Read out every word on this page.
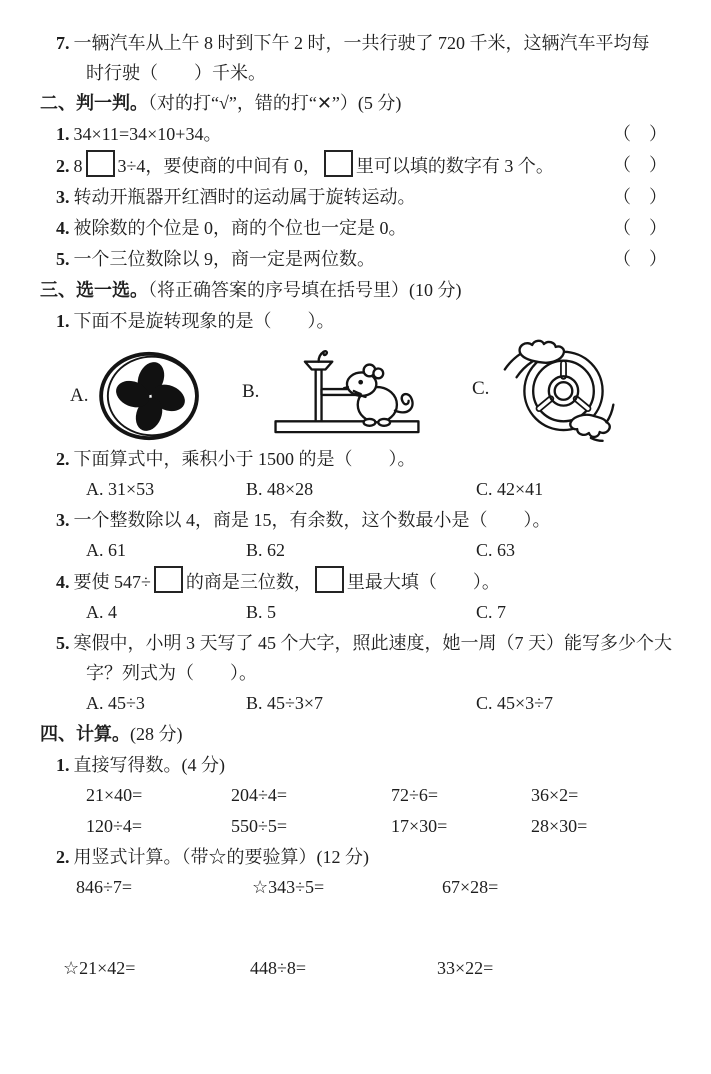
7. 一辆汽车从上午 8 时到下午 2 时，一共行驶了 720 千米，这辆汽车平均每
时行驶（　　）千米。
二、判一判。（对的打“√”，错的打“✕”）(5 分)
1. 34×11=34×10+34。	（　）
2. 8 3÷4，要使商的中间有 0， 里可以填的数字有 3 个。	（　）
3. 转动开瓶器开红酒时的运动属于旋转运动。	（　）
4. 被除数的个位是 0，商的个位也一定是 0。	（　）
5. 一个三位数除以 9，商一定是两位数。	（　）
三、选一选。（将正确答案的序号填在括号里）(10 分)
1. 下面不是旋转现象的是（　　）。
A.	B.	C.
2. 下面算式中，乘积小于 1500 的是（　　）。
A. 31×53	B. 48×28	C. 42×41
3. 一个整数除以 4，商是 15，有余数，这个数最小是（　　）。
A. 61	B. 62	C. 63
4. 要使 547÷ 的商是三位数， 里最大填（　　）。
A. 4	B. 5	C. 7
5. 寒假中，小明 3 天写了 45 个大字，照此速度，她一周（7 天）能写多少个大
字？列式为（　　）。
A. 45÷3	B. 45÷3×7	C. 45×3÷7
四、计算。(28 分)
1. 直接写得数。(4 分)
21×40=	204÷4=	72÷6=	36×2=
120÷4=	550÷5=	17×30=	28×30=
2. 用竖式计算。（带☆的要验算）(12 分)
846÷7=	☆343÷5=	67×28=
☆21×42=	448÷8=	33×22=
